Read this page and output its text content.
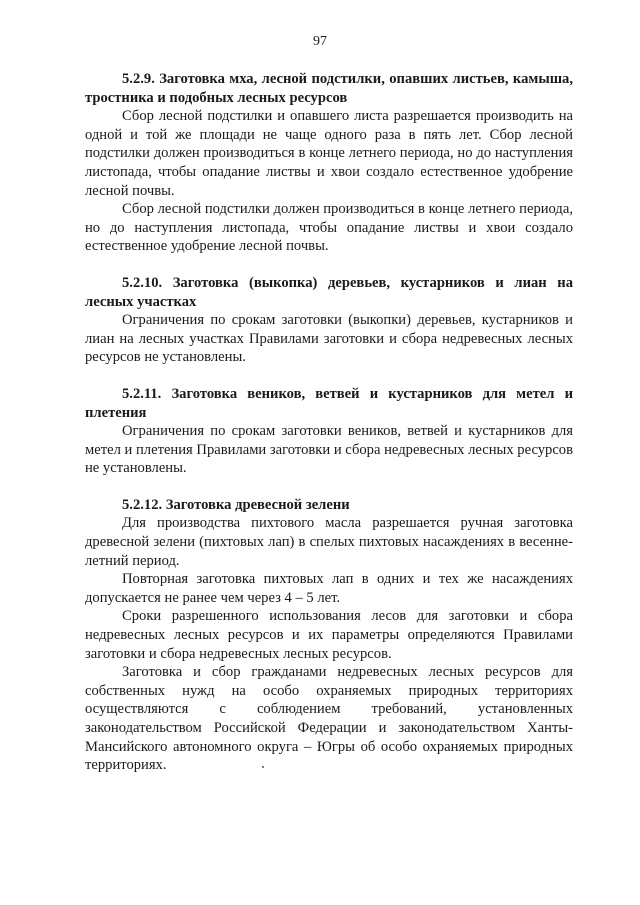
97

5.2.9. Заготовка мха, лесной подстилки, опавших листьев, камыша, тростника и подобных лесных ресурсов

Сбор лесной подстилки и опавшего листа разрешается производить на одной и той же площади не чаще одного раза в пять лет. Сбор лесной подстилки должен производиться в конце летнего периода, но до наступления листопада, чтобы опадание листвы и хвои создало естественное удобрение лесной почвы.

Сбор лесной подстилки должен производиться в конце летнего периода, но до наступления листопада, чтобы опадание листвы и хвои создало естественное удобрение лесной почвы.

5.2.10. Заготовка (выкопка) деревьев, кустарников и лиан на лесных участках

Ограничения по срокам заготовки (выкопки) деревьев, кустарников и лиан на лесных участках Правилами заготовки и сбора недревесных лесных ресурсов не установлены.

5.2.11. Заготовка веников, ветвей и кустарников для метел и плетения

Ограничения по срокам заготовки веников, ветвей и кустарников для метел и плетения Правилами заготовки и сбора недревесных лесных ресурсов не установлены.

5.2.12. Заготовка древесной зелени

Для производства пихтового масла разрешается ручная заготовка древесной зелени (пихтовых лап) в спелых пихтовых насаждениях в весенне-летний период.

Повторная заготовка пихтовых лап в одних и тех же насаждениях допускается не ранее чем через 4 – 5 лет.

Сроки разрешенного использования лесов для заготовки и сбора недревесных лесных ресурсов и их параметры определяются Правилами заготовки и сбора недревесных лесных ресурсов.

Заготовка и сбор гражданами недревесных лесных ресурсов для собственных нужд на особо охраняемых природных территориях осуществляются с соблюдением требований, установленных законодательством Российской Федерации и законодательством Ханты-Мансийского автономного округа – Югры об особо охраняемых природных территориях.
